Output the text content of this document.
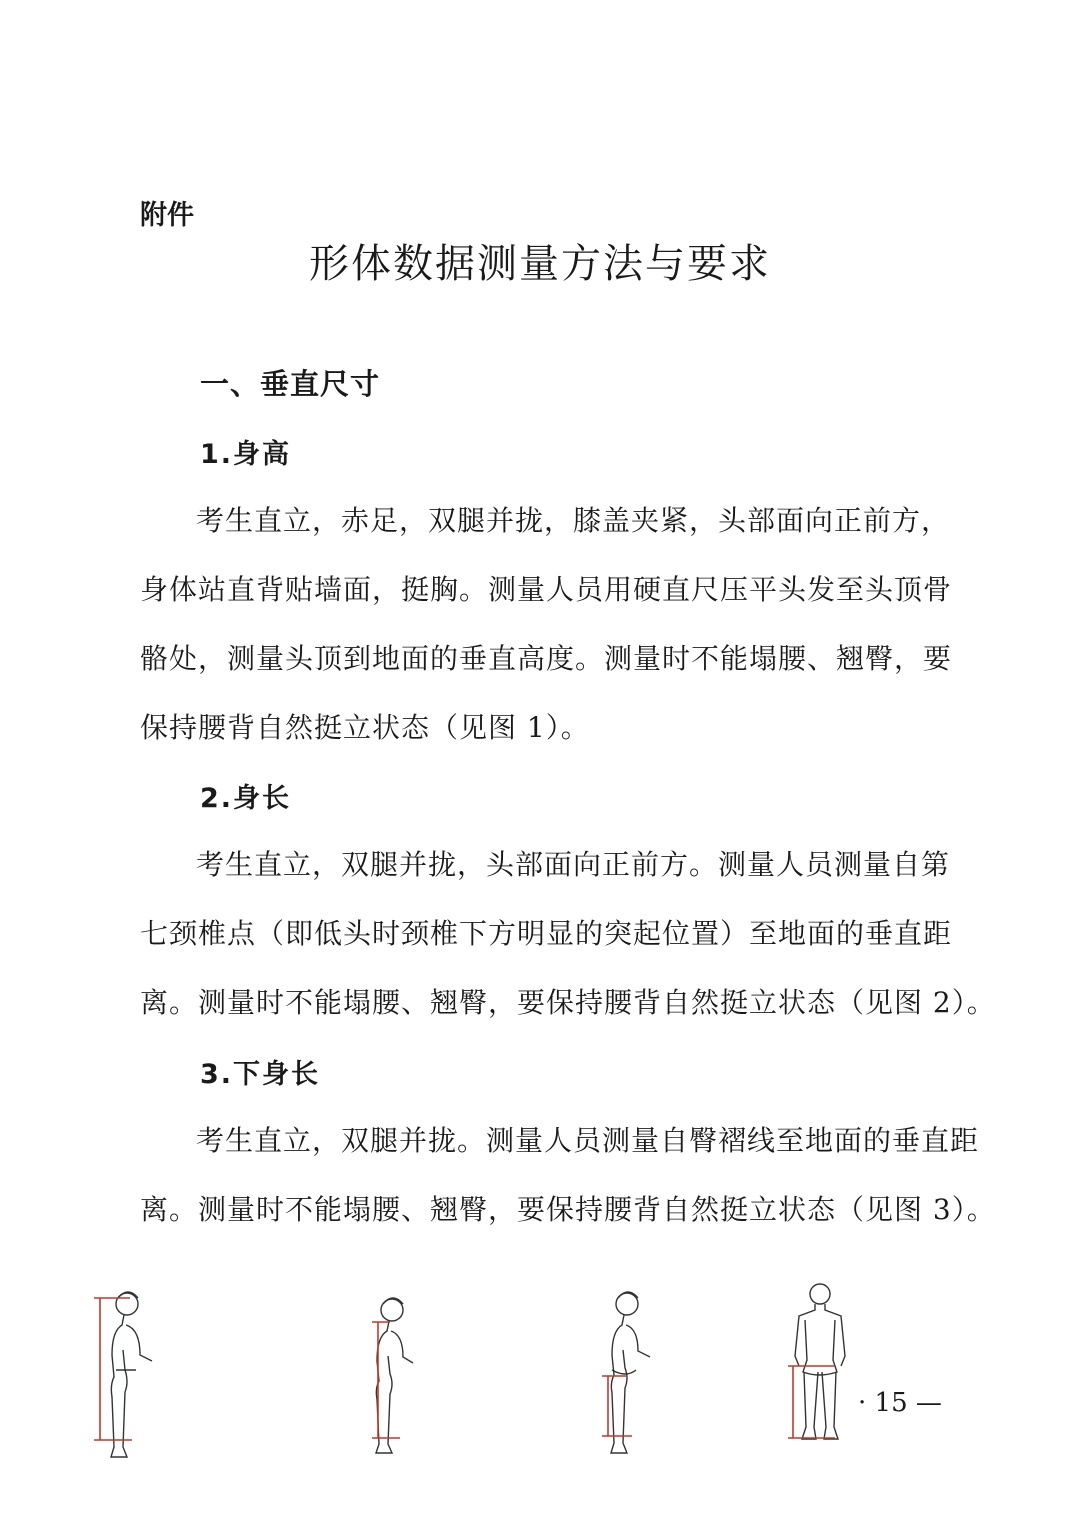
附件
形体数据测量方法与要求
一、垂直尺寸
1.身高
考生直立，赤足，双腿并拢，膝盖夹紧，头部面向正前方，
身体站直背贴墙面，挺胸。测量人员用硬直尺压平头发至头顶骨
骼处，测量头顶到地面的垂直高度。测量时不能塌腰、翘臀，要
保持腰背自然挺立状态（见图 1）。
2.身长
考生直立，双腿并拢，头部面向正前方。测量人员测量自第
七颈椎点（即低头时颈椎下方明显的突起位置）至地面的垂直距
离。测量时不能塌腰、翘臀，要保持腰背自然挺立状态（见图 2）。
3.下身长
考生直立，双腿并拢。测量人员测量自臀褶线至地面的垂直距
离。测量时不能塌腰、翘臀，要保持腰背自然挺立状态（见图 3）。
· 15 —
